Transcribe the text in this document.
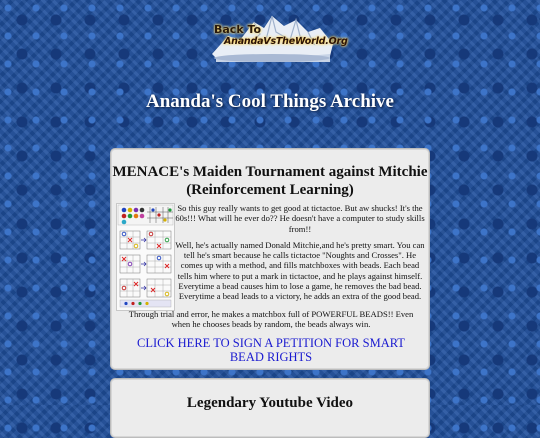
Back To
AnandaVsTheWorld.Org
Ananda's Cool Things Archive
MENACE's Maiden Tournament against Mitchie (Reinforcement Learning)

So this guy really wants to get good at tictactoe. But aw shucks! It's the 60s!!! What will he ever do?? He doesn't have a computer to study skills from!!

Well, he's actually named Donald Mitchie,and he's pretty smart. You can tell he's smart because he calls tictactoe "Noughts and Crosses". He comes up with a method, and fills matchboxes with beads. Each bead tells him where to put a mark in tictactoe, and he plays against himself. Everytime a bead causes him to lose a game, he removes the bad bead. Everytime a bead leads to a victory, he adds an extra of the good bead.

Through trial and error, he makes a matchbox full of POWERFUL BEADS!! Even when he chooses beads by random, the beads always win.

CLICK HERE TO SIGN A PETITION FOR SMART BEAD RIGHTS
Legendary Youtube Video
